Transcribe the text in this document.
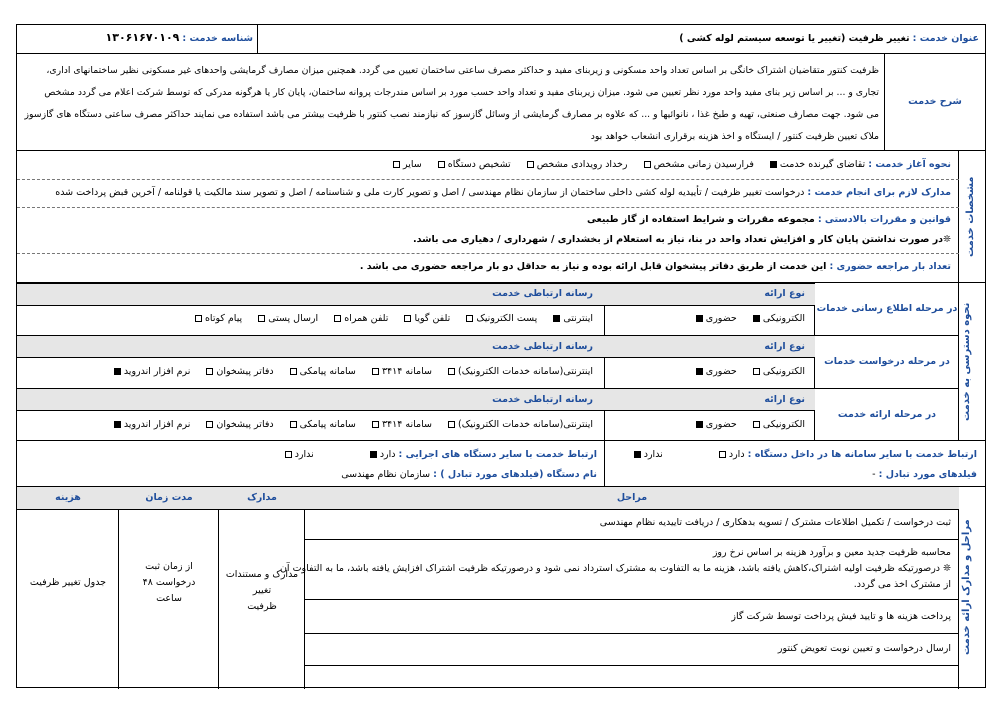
عنوان خدمت : تغییر ظرفیت (تغییر یا توسعه سیستم لوله کشی )
شناسه خدمت : ۱۳۰۶۱۶۷۰۱۰۹
شرح خدمت
ظرفیت کنتور متقاضیان اشتراک خانگی بر اساس تعداد واحد مسکونی و زیربنای مفید و حداکثر مصرف ساعتی ساختمان تعیین می گردد. همچنین میزان مصارف گرمایشی واحدهای غیر مسکونی نظیر ساختمانهای اداری،
تجاری و ... بر اساس زیر بنای مفید واحد مورد نظر تعیین می شود. میزان زیربنای مفید و تعداد واحد حسب مورد بر اساس مندرجات پروانه ساختمان، پایان کار یا هرگونه مدرکی که توسط شرکت اعلام می گردد مشخص
می شود. جهت مصارف صنعتی، تهیه و طبخ غذا ، نانوائیها و ... که علاوه بر مصارف گرمایشی از وسائل گازسوز که نیازمند نصب کنتور با ظرفیت بیشتر می باشد استفاده می نمایند حداکثر مصرف ساعتی دستگاه های گازسوز
ملاک تعیین ظرفیت کنتور / ایستگاه و اخذ هزینه برقراری انشعاب خواهد بود
مشخصات خدمت
نحوه آغاز خدمت : تقاضای گیرنده خدمت فرارسیدن زمانی مشخص رخداد رویدادی مشخص تشخیص دستگاه سایر
مدارک لازم برای انجام خدمت : درخواست تغییر ظرفیت / تأییدیه لوله کشی داخلی ساختمان از سازمان نظام مهندسی / اصل و تصویر کارت ملی و شناسنامه / اصل و تصویر سند مالکیت یا قولنامه / آخرین قبض پرداخت شده
قوانین و مقررات بالادستی : مجموعه مقررات و شرایط استفاده از گاز طبیعی
❊در صورت نداشتن پایان کار و افزایش تعداد واحد در بنا، نیاز به استعلام از بخشداری / شهرداری / دهیاری می باشد.
تعداد بار مراجعه حضوری : این خدمت از طریق دفاتر پیشخوان قابل ارائه بوده و نیاز به حداقل دو بار مراجعه حضوری می باشد .
نحوه دسترسی به خدمت
در مرحله اطلاع رسانی خدمات
نوع ارائه
رسانه ارتباطی خدمت
الکترونیکی حضوری
اینترنتی پست الکترونیک تلفن گویا تلفن همراه ارسال پستی پیام کوتاه
در مرحله درخواست خدمات
نوع ارائه
رسانه ارتباطی خدمت
الکترونیکی حضوری
اینترنتی(سامانه خدمات الکترونیک) سامانه ۳۴۱۴ سامانه پیامکی دفاتر پیشخوان نرم افزار اندروید
در مرحله ارائه خدمت
نوع ارائه
رسانه ارتباطی خدمت
الکترونیکی حضوری
اینترنتی(سامانه خدمات الکترونیک) سامانه ۳۴۱۴ سامانه پیامکی دفاتر پیشخوان نرم افزار اندروید
ارتباط خدمت با سایر سامانه ها در داخل دستگاه : دارد ندارد
فیلدهای مورد تبادل : -
ارتباط خدمت با سایر دستگاه های اجرایی : دارد ندارد
نام دستگاه (فیلدهای مورد تبادل ) : سازمان نظام مهندسی
مراحل و مدارک ارائه خدمت
مراحل
مدارک
مدت زمان
هزینه
ثبت درخواست / تکمیل اطلاعات مشترک / تسویه بدهکاری / دریافت تاییدیه نظام مهندسی
محاسبه ظرفیت جدید معین و برآورد هزینه بر اساس نرخ روز
❊ درصورتیکه ظرفیت اولیه اشتراک،کاهش یافته باشد، هزینه ما به التفاوت به مشترک استرداد نمی شود و درصورتیکه ظرفیت اشتراک افزایش یافته باشد، ما به التفاوت آن
از مشترک اخذ می گردد.
پرداخت هزینه ها و تایید فیش پرداخت توسط شرکت گاز
ارسال درخواست و تعیین نوبت تعویض کنتور
مدارک و مستندات تغییر
ظرفیت
از زمان ثبت
درخواست ۴۸
ساعت
جدول تغییر ظرفیت
